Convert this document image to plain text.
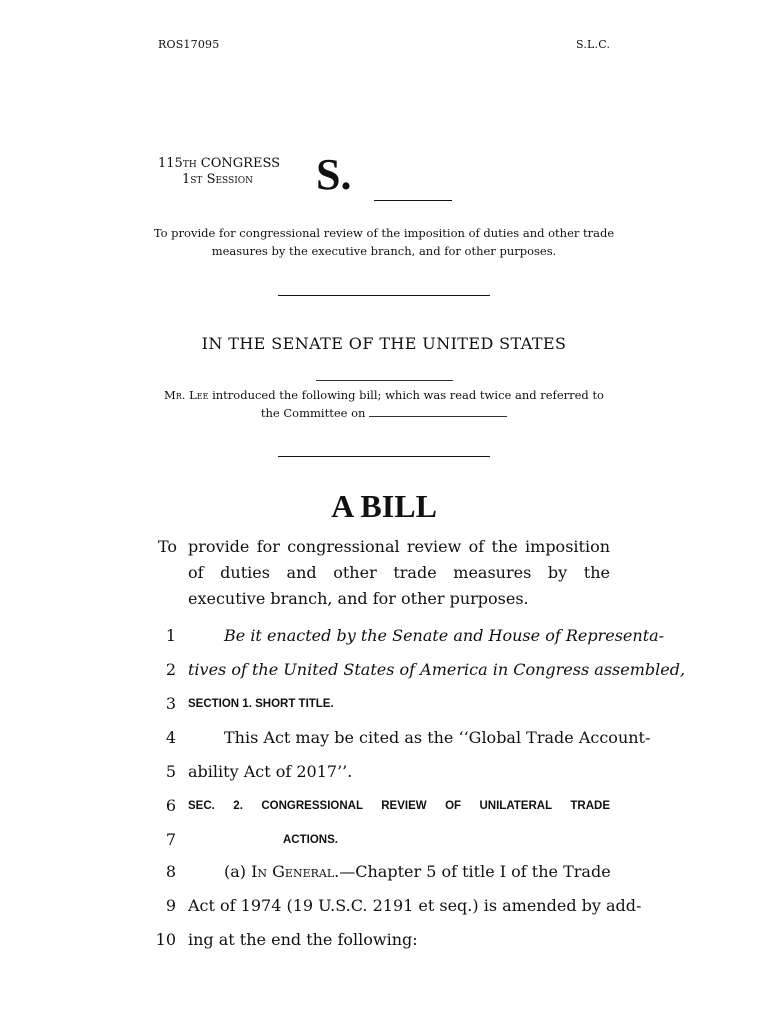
ROS17095	S.L.C.
115th CONGRESS
1st Session S.
To provide for congressional review of the imposition of duties and other trade measures by the executive branch, and for other purposes.
IN THE SENATE OF THE UNITED STATES
Mr. Lee introduced the following bill; which was read twice and referred to the Committee on
A BILL
To provide for congressional review of the imposition of duties and other trade measures by the executive branch, and for other purposes.
1	Be it enacted by the Senate and House of Representa-
2 tives of the United States of America in Congress assembled,
3 SECTION 1. SHORT TITLE.
4	This Act may be cited as the ‘‘Global Trade Account-
5 ability Act of 2017’’.
6 SEC. 2. CONGRESSIONAL REVIEW OF UNILATERAL TRADE
7	ACTIONS.
8	(a) In General.—Chapter 5 of title I of the Trade
9 Act of 1974 (19 U.S.C. 2191 et seq.) is amended by add-
10 ing at the end the following:
